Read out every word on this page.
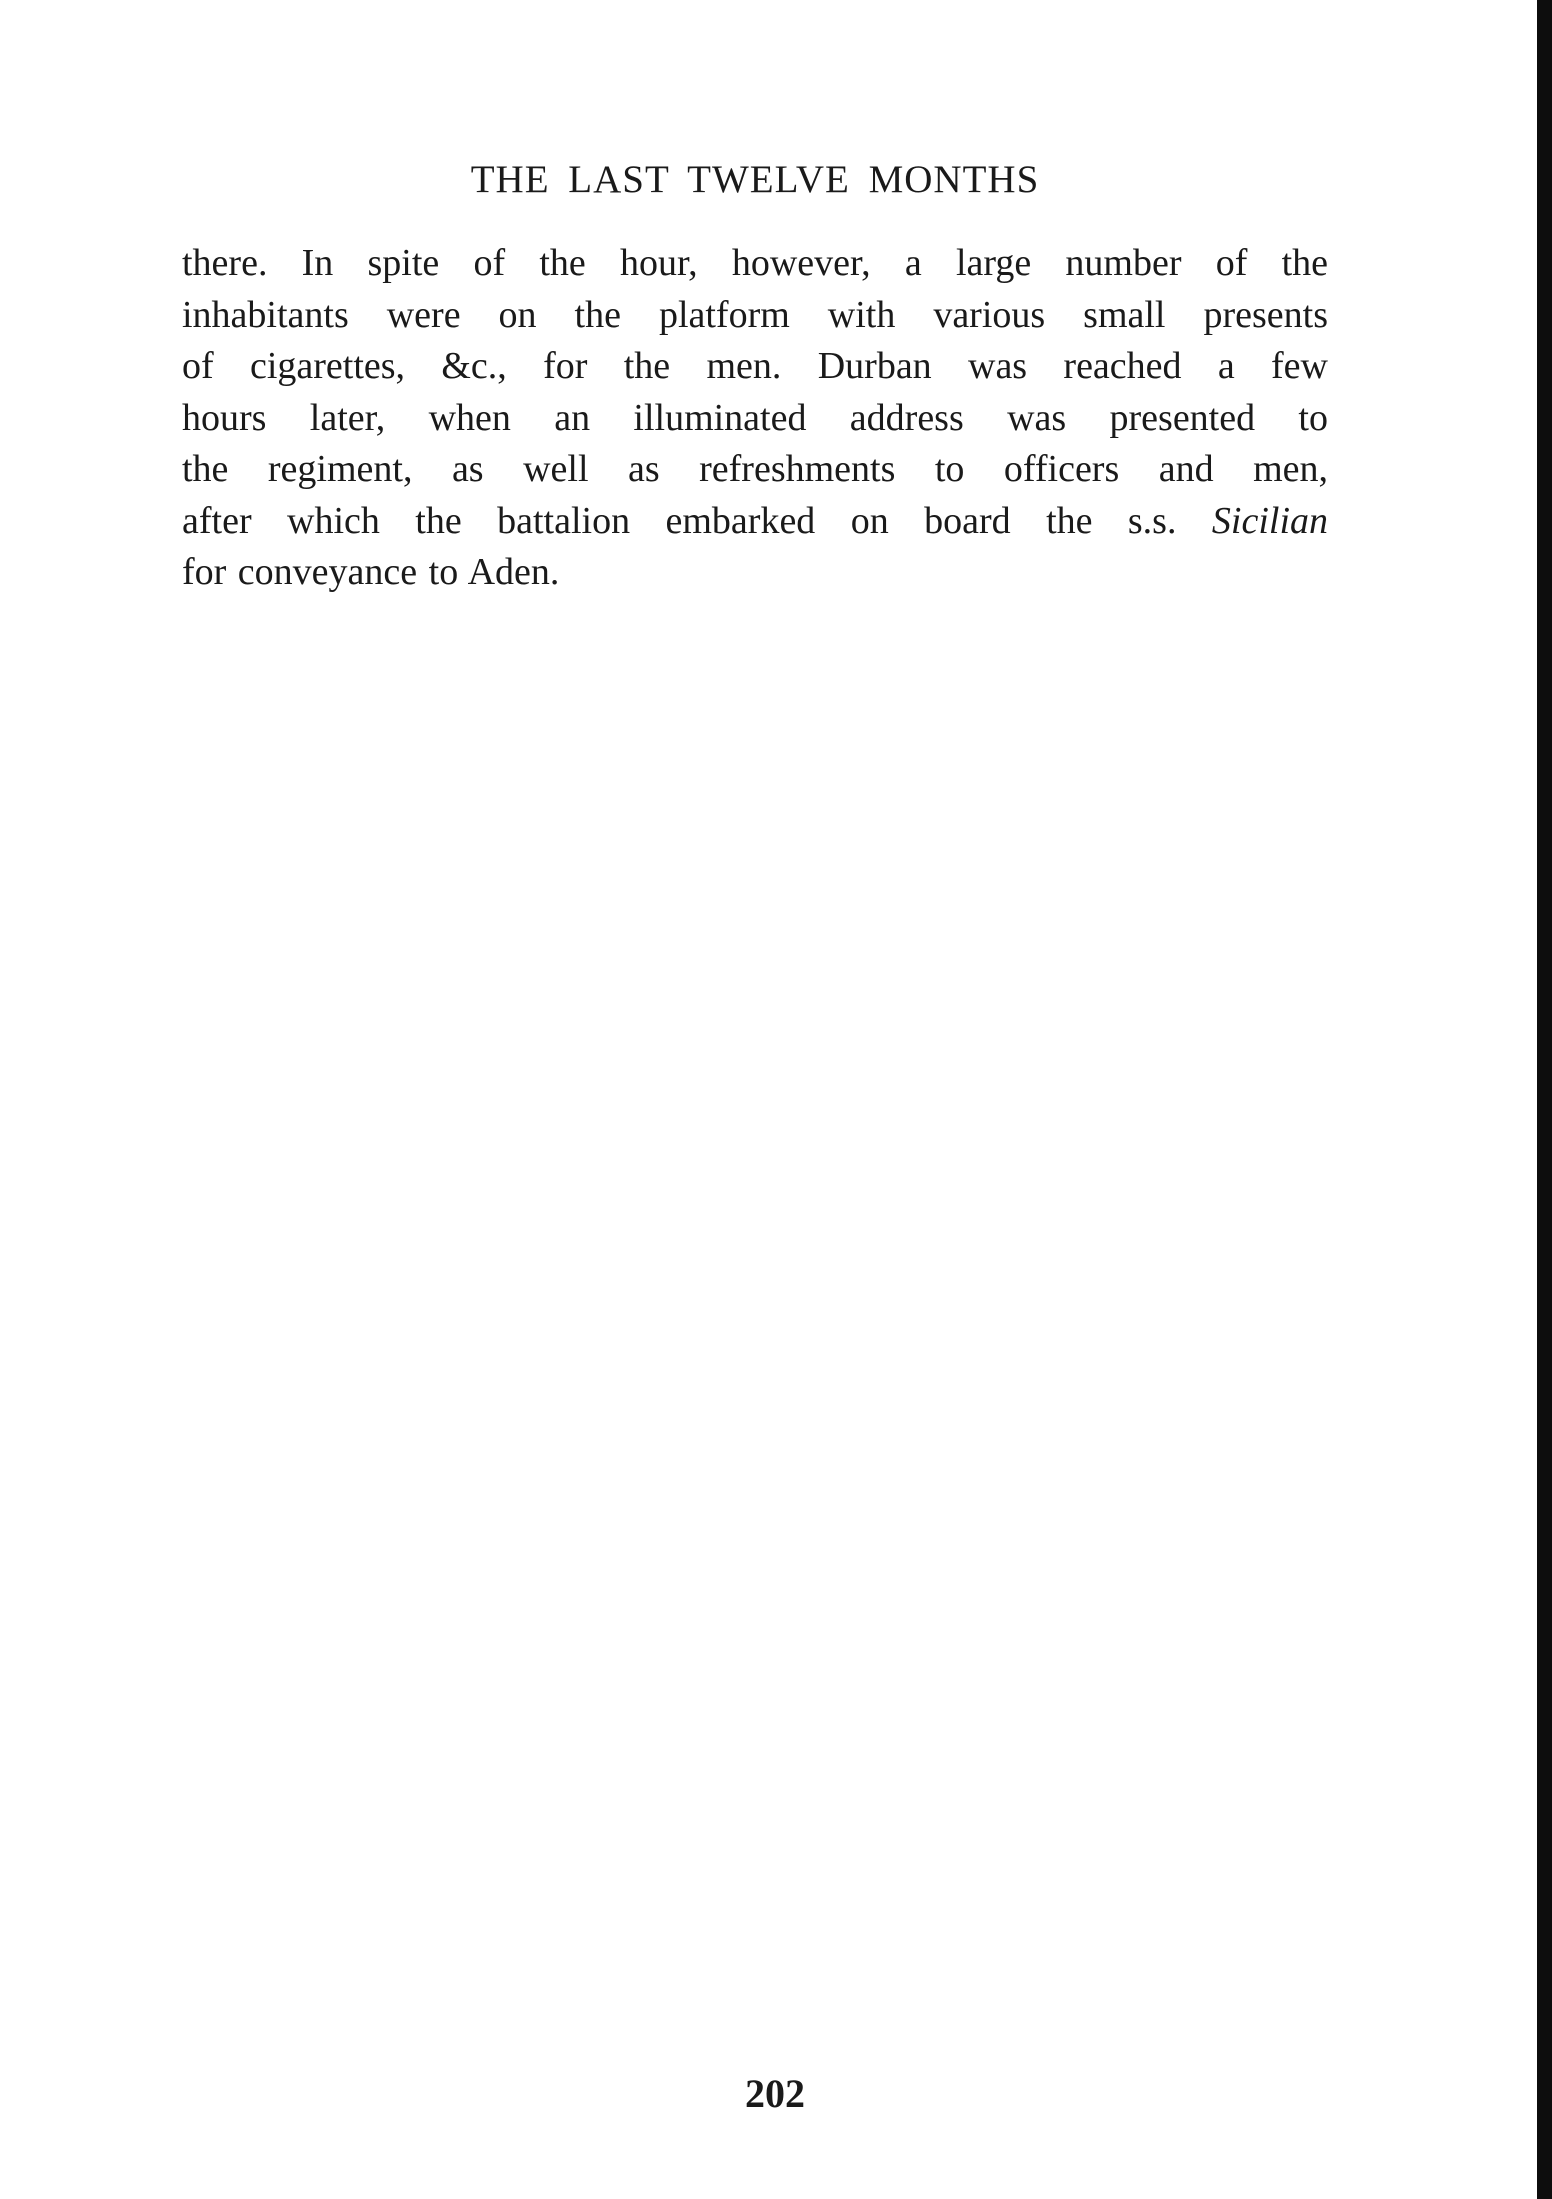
THE LAST TWELVE MONTHS
there. In spite of the hour, however, a large number of the
inhabitants were on the platform with various small presents
of cigarettes, &c., for the men. Durban was reached a few
hours later, when an illuminated address was presented to
the regiment, as well as refreshments to officers and men,
after which the battalion embarked on board the s.s. Sicilian
for conveyance to Aden.
202
